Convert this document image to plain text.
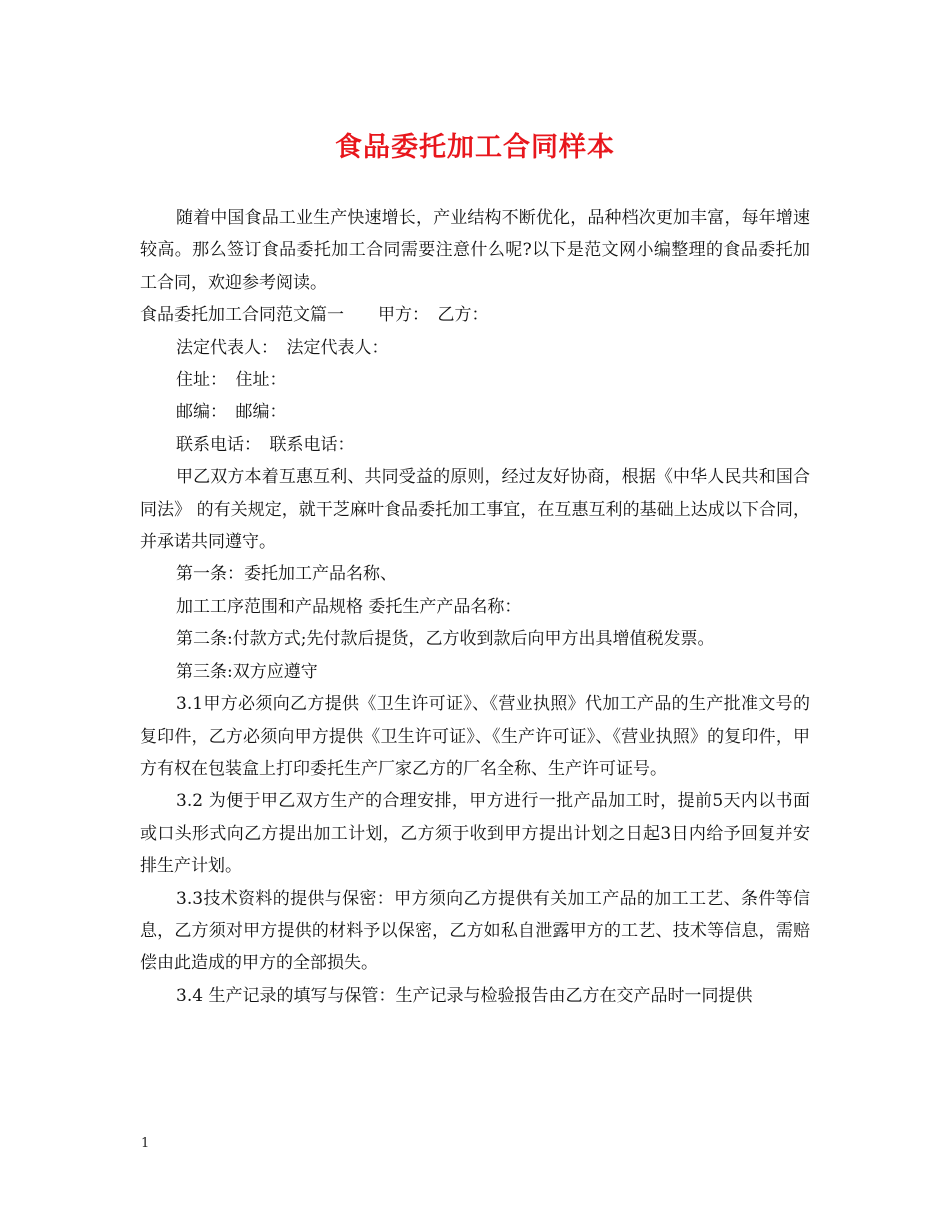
食品委托加工合同样本

随着中国食品工业生产快速增长，产业结构不断优化，品种档次更加丰富，每年增速较高。那么签订食品委托加工合同需要注意什么呢?以下是范文网小编整理的食品委托加工合同，欢迎参考阅读。

食品委托加工合同范文篇一　　甲方：　乙方：

法定代表人：　法定代表人：

住址：　住址：

邮编：　邮编：

联系电话：　联系电话：

甲乙双方本着互惠互利、共同受益的原则，经过友好协商，根据《中华人民共和国合同法》 的有关规定，就干芝麻叶食品委托加工事宜，在互惠互利的基础上达成以下合同，并承诺共同遵守。

第一条：委托加工产品名称、

加工工序范围和产品规格 委托生产产品名称：

第二条:付款方式;先付款后提货，乙方收到款后向甲方出具增值税发票。

第三条:双方应遵守

3.1甲方必须向乙方提供《卫生许可证》、《营业执照》代加工产品的生产批准文号的复印件，乙方必须向甲方提供《卫生许可证》、《生产许可证》、《营业执照》的复印件，甲方有权在包装盒上打印委托生产厂家乙方的厂名全称、生产许可证号。

3.2 为便于甲乙双方生产的合理安排，甲方进行一批产品加工时，提前5天内以书面或口头形式向乙方提出加工计划，乙方须于收到甲方提出计划之日起3日内给予回复并安排生产计划。

3.3技术资料的提供与保密：甲方须向乙方提供有关加工产品的加工工艺、条件等信息，乙方须对甲方提供的材料予以保密，乙方如私自泄露甲方的工艺、技术等信息，需赔偿由此造成的甲方的全部损失。

3.4 生产记录的填写与保管：生产记录与检验报告由乙方在交产品时一同提供

1
